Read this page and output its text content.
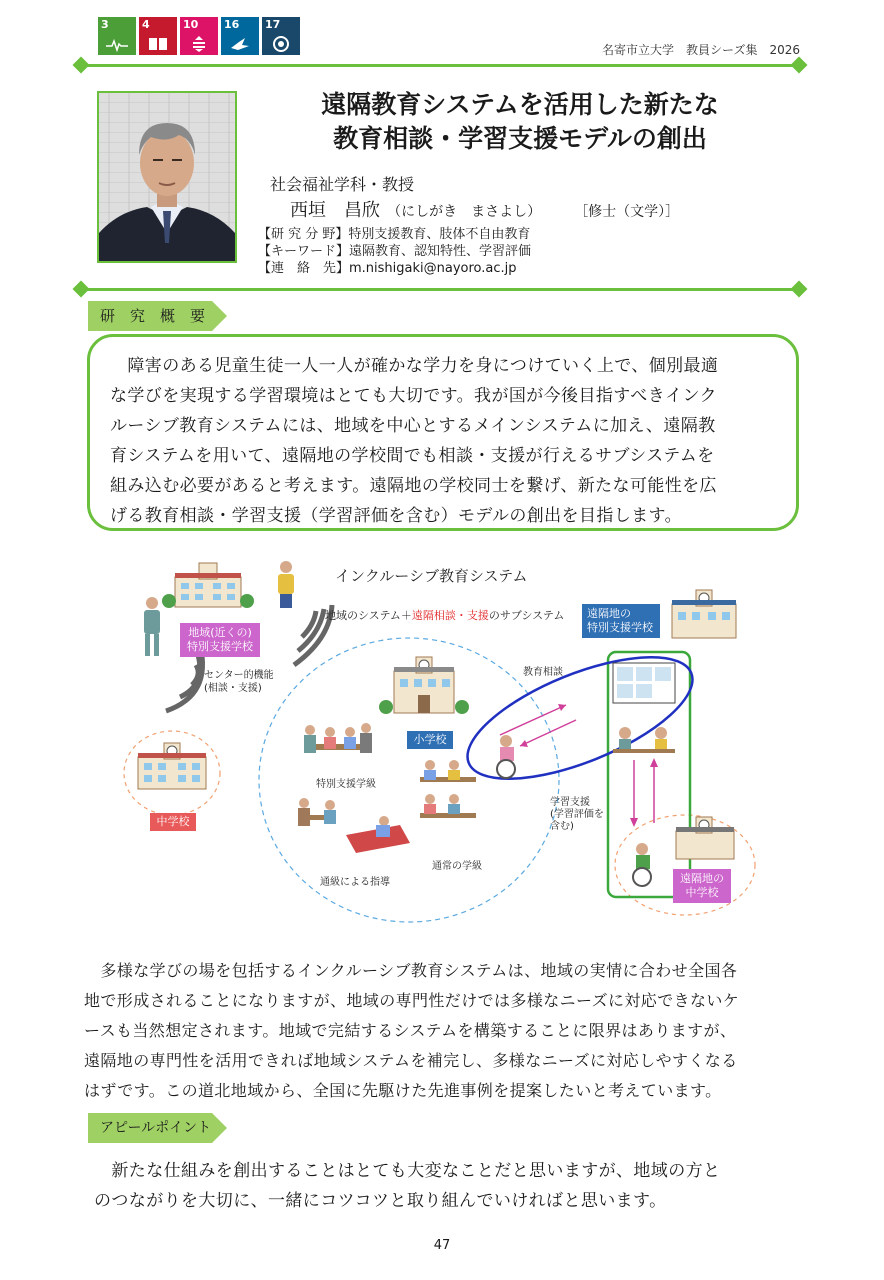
3	4	10	16	17
名寄市立大学　教員シーズ集　2026
遠隔教育システムを活用した新たな
教育相談・学習支援モデルの創出
社会福祉学科・教授
西垣　昌欣 （にしがき　まさよし） ［修士（文学）］
【研 究 分 野】特別支援教育、肢体不自由教育
【キーワード】遠隔教育、認知特性、学習評価
【連　絡　先】m.nishigaki@nayoro.ac.jp
研　究　概　要
　障害のある児童生徒一人一人が確かな学力を身につけていく上で、個別最適
な学びを実現する学習環境はとても大切です。我が国が今後目指すべきインク
ルーシブ教育システムには、地域を中心とするメインシステムに加え、遠隔教
育システムを用いて、遠隔地の学校間でも相談・支援が行えるサブシステムを
組み込む必要があると考えます。遠隔地の学校同士を繋げ、新たな可能性を広
げる教育相談・学習支援（学習評価を含む）モデルの創出を目指します。
インクルーシブ教育システム
地域のシステム＋遠隔相談・支援のサブシステム
地域(近くの)
特別支援学校
センター的機能
(相談・支援)
中学校
小学校
特別支援学級
通常の学級
通級による指導
遠隔地の
特別支援学校
教育相談
学習支援
(学習評価を
含む)
遠隔地の
中学校
　多様な学びの場を包括するインクルーシブ教育システムは、地域の実情に合わせ全国各
地で形成されることになりますが、地域の専門性だけでは多様なニーズに対応できないケ
ースも当然想定されます。地域で完結するシステムを構築することに限界はありますが、
遠隔地の専門性を活用できれば地域システムを補完し、多様なニーズに対応しやすくなる
はずです。この道北地域から、全国に先駆けた先進事例を提案したいと考えています。
アピールポイント
　新たな仕組みを創出することはとても大変なことだと思いますが、地域の方と
のつながりを大切に、一緒にコツコツと取り組んでいければと思います。
47
